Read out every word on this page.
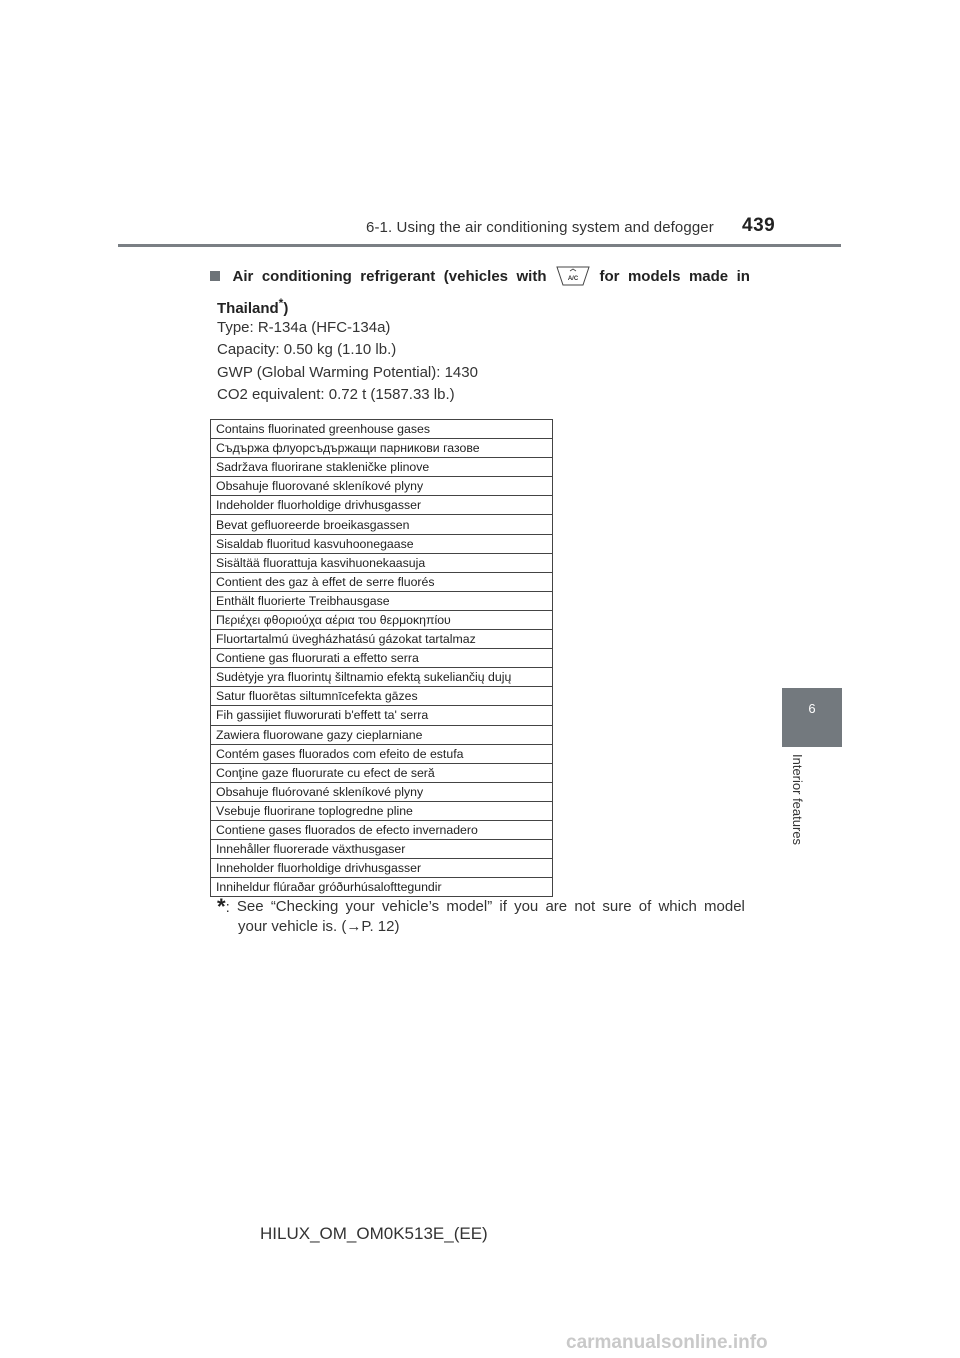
6-1. Using the air conditioning system and defogger 439
6
Interior features
Air conditioning refrigerant (vehicles with	A/C for models made in
Thailand*)
Type: R-134a (HFC-134a)
Capacity: 0.50 kg (1.10 lb.)
GWP (Global Warming Potential): 1430
CO2 equivalent: 0.72 t (1587.33 lb.)
Contains fluorinated greenhouse gases
Съдържа флуорсъдържащи парникови газове
Sadržava fluorirane stakleničke plinove
Obsahuje fluorované skleníkové plyny
Indeholder fluorholdige drivhusgasser
Bevat gefluoreerde broeikasgassen
Sisaldab fluoritud kasvuhoonegaase
Sisältää fluorattuja kasvihuonekaasuja
Contient des gaz à effet de serre fluorés
Enthält fluorierte Treibhausgase
Περιέχει φθοριούχα αέρια του θερμοκηπίου
Fluortartalmú üvegházhatású gázokat tartalmaz
Contiene gas fluorurati a effetto serra
Sudėtyje yra fluorintų šiltnamio efektą sukeliančių dujų
Satur fluorētas siltumnīcefekta gāzes
Fih gassijiet fluworurati b'effett ta' serra
Zawiera fluorowane gazy cieplarniane
Contém gases fluorados com efeito de estufa
Conţine gaze fluorurate cu efect de seră
Obsahuje fluórované skleníkové plyny
Vsebuje fluorirane toplogredne pline
Contiene gases fluorados de efecto invernadero
Innehåller fluorerade växthusgaser
Inneholder fluorholdige drivhusgasser
Inniheldur flúraðar gróðurhúsalofttegundir
*: See “Checking your vehicle’s model” if you are not sure of which model
your vehicle is. (→P. 12)
HILUX_OM_OM0K513E_(EE)
carmanualsonline.info
